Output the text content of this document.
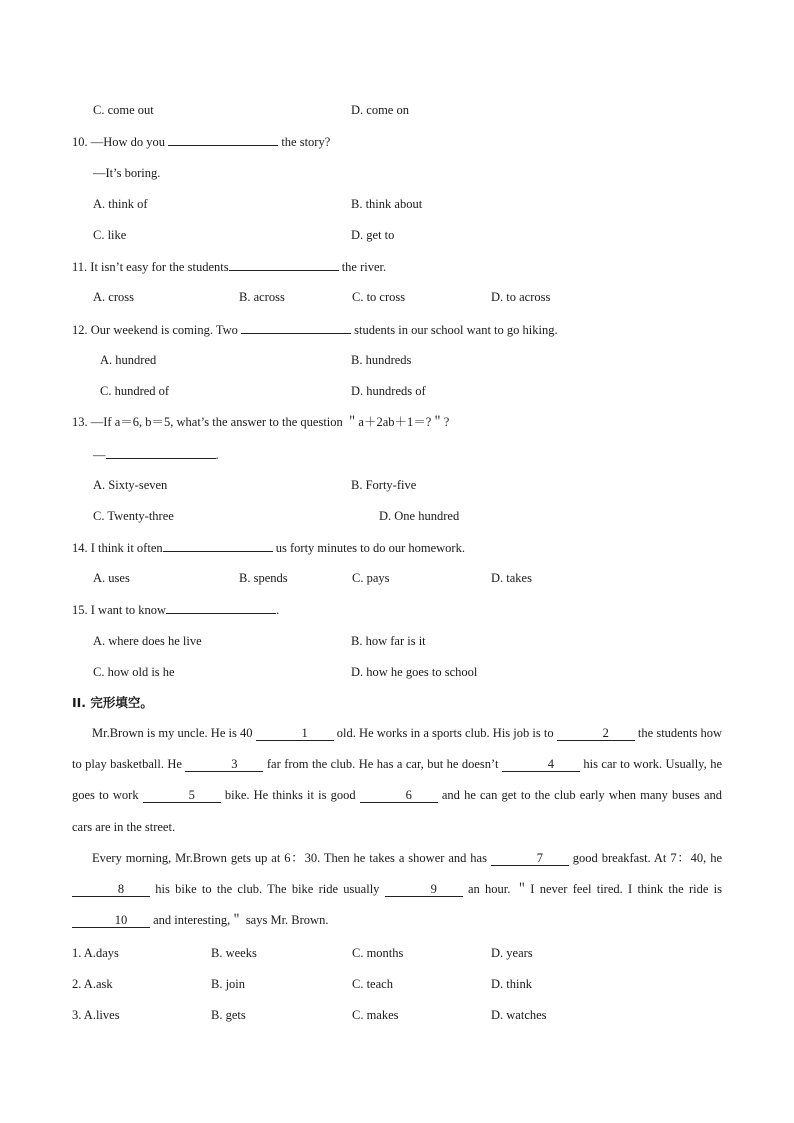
C. come out	D. come on
10. —How do you	the story?
—It’s boring.
A. think of	B. think about
C. like	D. get to
11. It isn’t easy for the students	the river.
A. cross	B. across	C. to cross	D. to across
12. Our weekend is coming. Two	students in our school want to go hiking.
A. hundred	B. hundreds
C. hundred of	D. hundreds of
13. —If a＝6, b＝5, what’s the answer to the question ＂a＋2ab＋1＝?＂?
—	.
A. Sixty-seven	B. Forty-five
C. Twenty-three	D. One hundred
14. I think it often	us forty minutes to do our homework.
A. uses	B. spends	C. pays	D. takes
15. I want to know	.
A. where does he live	B. how far is it
C. how old is he	D. how he goes to school
II. 完形填空。

Mr.Brown is my uncle. He is 40	1 old. He works in a sports club. His job is to	2 the students how to play basketball. He	3 far from the club. He has a car, but he doesn’t	4 his car to work. Usually, he goes to work	5 bike. He thinks it is good	6 and he can get to the club early when many buses and cars are in the street.

Every morning, Mr.Brown gets up at 6：30. Then he takes a shower and has	7 good breakfast. At 7：40, he 8 his bike to the club. The bike ride usually	9 an hour. ＂I never feel tired. I think the ride is 10 and interesting,＂ says Mr. Brown.

1. A.days	B. weeks	C. months	D. years
2. A.ask	B. join	C. teach	D. think
3. A.lives	B. gets	C. makes	D. watches
